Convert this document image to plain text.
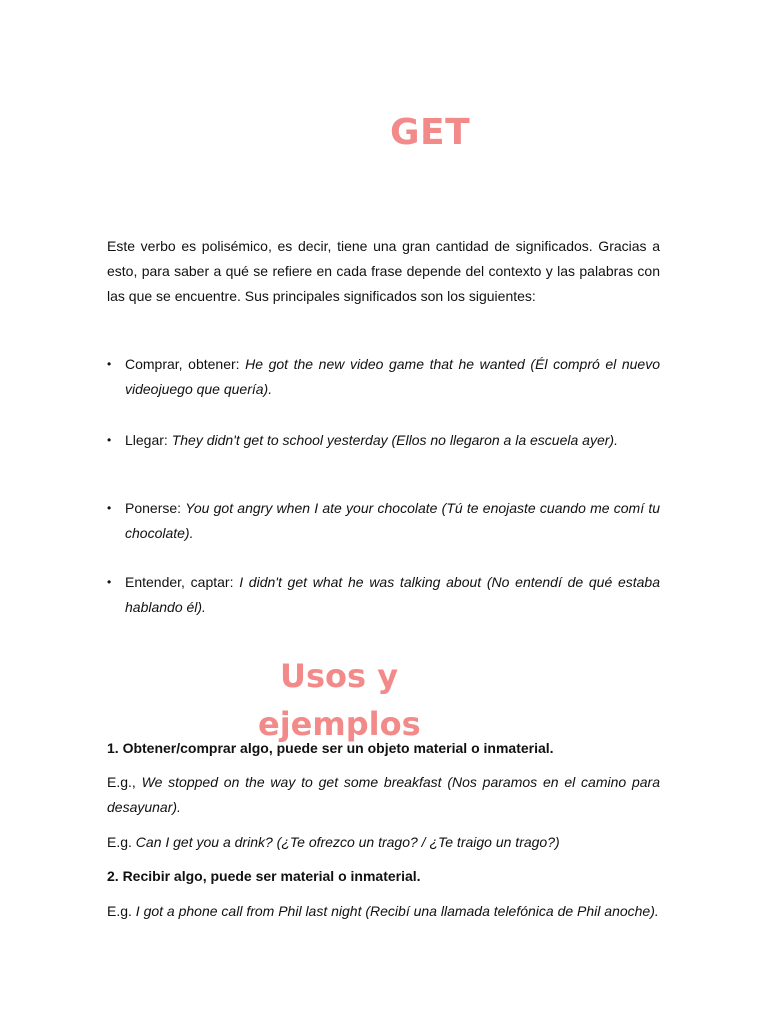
GET

Este verbo es polisémico, es decir, tiene una gran cantidad de significados. Gracias a esto, para saber a qué se refiere en cada frase depende del contexto y las palabras con las que se encuentre. Sus principales significados son los siguientes:

• Comprar, obtener: He got the new video game that he wanted (Él compró el nuevo videojuego que quería).
• Llegar: They didn't get to school yesterday (Ellos no llegaron a la escuela ayer).
• Ponerse: You got angry when I ate your chocolate (Tú te enojaste cuando me comí tu chocolate).
• Entender, captar: I didn't get what he was talking about (No entendí de qué estaba hablando él).
Usos y
ejemplos
1. Obtener/comprar algo, puede ser un objeto material o inmaterial.
E.g., We stopped on the way to get some breakfast (Nos paramos en el camino para desayunar).
E.g. Can I get you a drink? (¿Te ofrezco un trago? / ¿Te traigo un trago?)
2. Recibir algo, puede ser material o inmaterial.
E.g. I got a phone call from Phil last night (Recibí una llamada telefónica de Phil anoche).
